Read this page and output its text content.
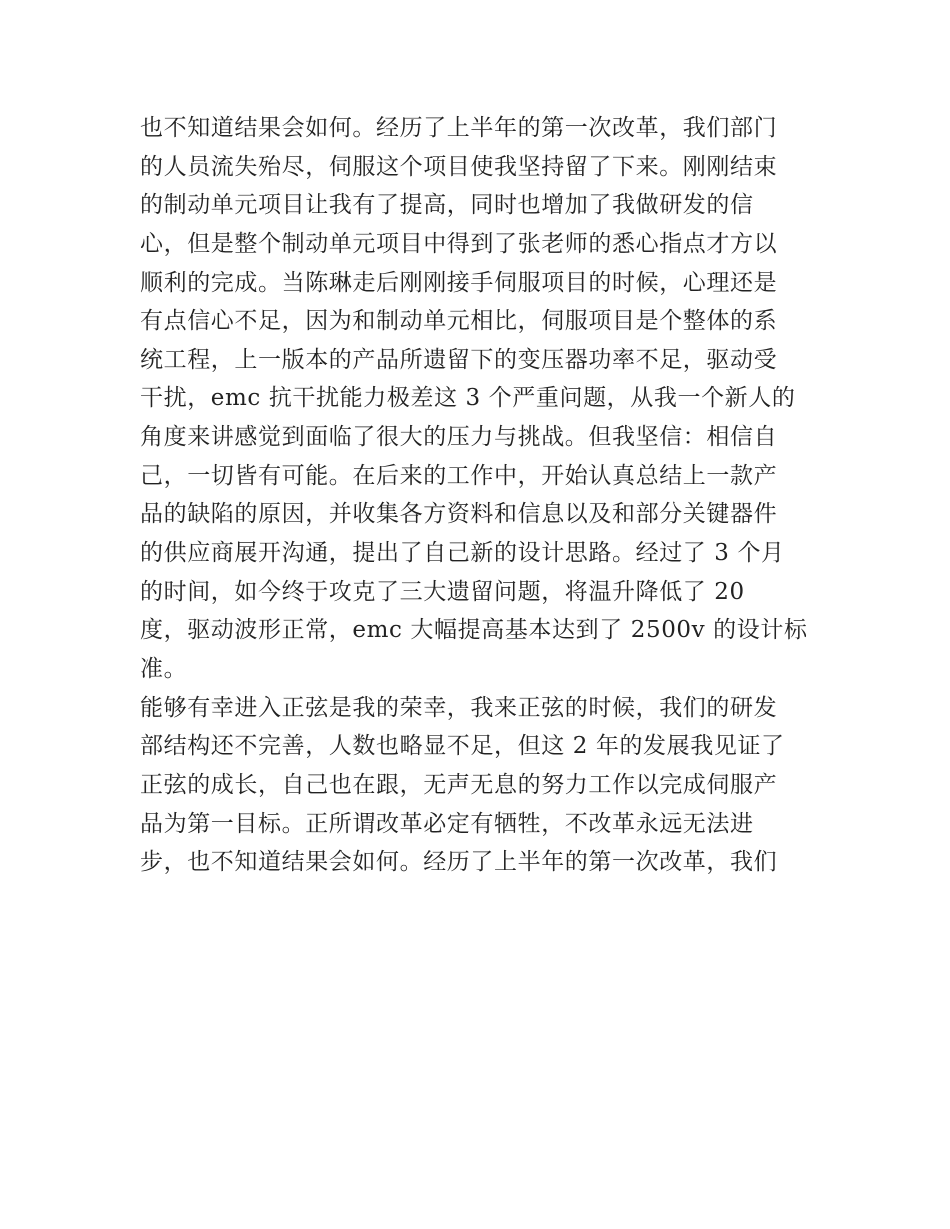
也不知道结果会如何。经历了上半年的第一次改革，我们部门
的人员流失殆尽，伺服这个项目使我坚持留了下来。刚刚结束
的制动单元项目让我有了提高，同时也增加了我做研发的信
心，但是整个制动单元项目中得到了张老师的悉心指点才方以
顺利的完成。当陈琳走后刚刚接手伺服项目的时候，心理还是
有点信心不足，因为和制动单元相比，伺服项目是个整体的系
统工程，上一版本的产品所遗留下的变压器功率不足，驱动受
干扰，emc 抗干扰能力极差这 3 个严重问题，从我一个新人的
角度来讲感觉到面临了很大的压力与挑战。但我坚信：相信自
己，一切皆有可能。在后来的工作中，开始认真总结上一款产
品的缺陷的原因，并收集各方资料和信息以及和部分关键器件
的供应商展开沟通，提出了自己新的设计思路。经过了 3 个月
的时间，如今终于攻克了三大遗留问题，将温升降低了 20
度，驱动波形正常，emc 大幅提高基本达到了 2500v 的设计标
准。
能够有幸进入正弦是我的荣幸，我来正弦的时候，我们的研发
部结构还不完善，人数也略显不足，但这 2 年的发展我见证了
正弦的成长，自己也在跟，无声无息的努力工作以完成伺服产
品为第一目标。正所谓改革必定有牺牲，不改革永远无法进
步，也不知道结果会如何。经历了上半年的第一次改革，我们
